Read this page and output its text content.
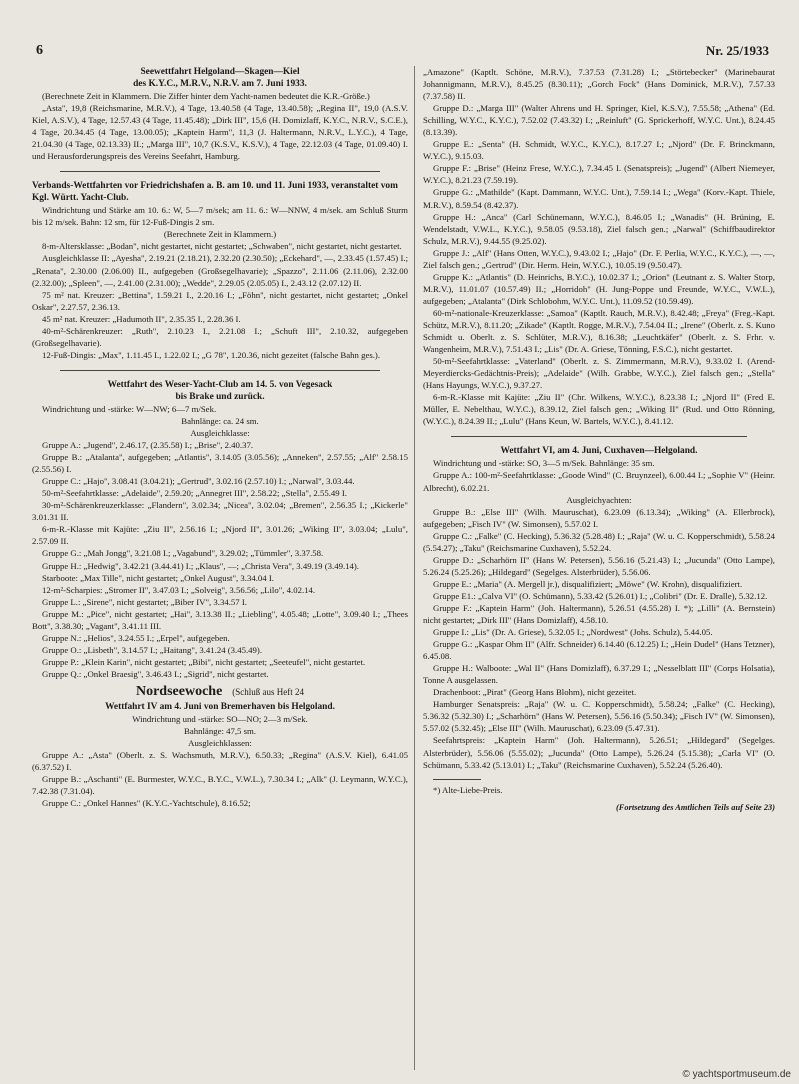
6	Nr. 25/1933
Seewettfahrt Helgoland—Skagen—Kiel
des K.Y.C., M.R.V., N.R.V. am 7. Juni 1933.

(Berechnete Zeit in Klammern. Die Ziffer hinter dem Yacht-namen bedeutet die K.R.-Größe.)

„Asta", 19,8 (Reichsmarine, M.R.V.), 4 Tage, 13.40.58 (4 Tage, 13.40.58); „Regina II", 19,0 (A.S.V. Kiel, A.S.V.), 4 Tage, 12.57.43 (4 Tage, 11.45.48); „Dirk III", 15,6 (H. Domizlaff, K.Y.C., N.R.V., S.C.E.), 4 Tage, 20.34.45 (4 Tage, 13.00.05); „Kaptein Harm", 11,3 (J. Haltermann, N.R.V., L.Y.C.), 4 Tage, 21.04.30 (4 Tage, 02.13.33) II.; „Marga III", 10,7 (K.S.V., K.S.V.), 4 Tage, 22.12.03 (4 Tage, 01.09.40) I. und Herausforderungspreis des Vereins Seefahrt, Hamburg.

Verbands-Wettfahrten vor Friedrichshafen a. B. am 10. und 11. Juni 1933, veranstaltet vom Kgl. Württ. Yacht-Club.

Windrichtung und Stärke am 10. 6.: W, 5—7 m/sek; am 11. 6.: W—NNW, 4 m/sek. am Schluß Sturm bis 12 m/sek. Bahn: 12 sm, für 12-Fuß-Dingis 2 sm.

(Berechnete Zeit in Klammern.)

8-m-Altersklasse: „Bodan", nicht gestartet, nicht gestartet; „Schwaben", nicht gestartet, nicht gestartet.

Ausgleichklasse II: „Ayesha", 2.19.21 (2.18.21), 2.32.20 (2.30.50); „Eckehard", —, 2.33.45 (1.57.45) I.; „Renata", 2.30.00 (2.06.00) II., aufgegeben (Großsegelhavarie); „Spazzo", 2.11.06 (2.11.06), 2.32.00 (2.32.00); „Spleen", —, 2.41.00 (2.31.00); „Wedde", 2.29.05 (2.05.05) I., 2.43.12 (2.07.12) II.

75 m² nat. Kreuzer: „Bettina", 1.59.21 I., 2.20.16 I.; „Föhn", nicht gestartet, nicht gestartet; „Onkel Oskar", 2.27.57, 2.36.13.

45 m² nat. Kreuzer: „Hadumoth II", 2.35.35 I., 2.28.36 I.

40-m²-Schärenkreuzer: „Ruth", 2.10.23 I., 2.21.08 I.; „Schuft III", 2.10.32, aufgegeben (Großsegelhavarie).

12-Fuß-Dingis: „Max", 1.11.45 I., 1.22.02 I.; „G 78", 1.20.36, nicht gezeitet (falsche Bahn ges.).

Wettfahrt des Weser-Yacht-Club am 14. 5. von Vegesack
bis Brake und zurück.

Windrichtung und -stärke: W—NW; 6—7 m/Sek.

Bahnlänge: ca. 24 sm.

Ausgleichklasse:

Gruppe A.: „Jugend", 2.46.17, (2.35.58) I.; „Brise", 2.40.37.

Gruppe B.: „Atalanta", aufgegeben; „Atlantis", 3.14.05 (3.05.56); „Anneken", 2.57.55; „Alf" 2.58.15 (2.55.56) I.

Gruppe C.: „Hajo", 3.08.41 (3.04.21); „Gertrud", 3.02.16 (2.57.10) I.; „Narwal", 3.03.44.

50-m²-Seefahrtklasse: „Adelaide", 2.59.20; „Annegret III", 2.58.22; „Stella", 2.55.49 I.

30-m²-Schärenkreuzerklasse: „Flandern", 3.02.34; „Nicea", 3.02.04; „Bremen", 2.56.35 I.; „Kickerle" 3.01.31 II.

6-m-R.-Klasse mit Kajüte: „Ziu II", 2.56.16 I.; „Njord II", 3.01.26; „Wiking II", 3.03.04; „Lulu", 2.57.09 II.

Gruppe G.: „Mah Jongg", 3.21.08 I.; „Vagabund", 3.29.02; „Tümmler", 3.37.58.

Gruppe H.: „Hedwig", 3.42.21 (3.44.41) I.; „Klaus", —; „Christa Vera", 3.49.19 (3.49.14).

Starboote: „Max Tille", nicht gestartet; „Onkel August", 3.34.04 I.

12-m²-Scharpies: „Stromer II", 3.47.03 I.; „Solveig", 3.56.56; „Lilo", 4.02.14.

Gruppe L.: „Sirene", nicht gestartet; „Biber IV", 3.34.57 I.

Gruppe M.: „Pice", nicht gestartet; „Hai", 3.13.38 II.; „Liebling", 4.05.48; „Lotte", 3.09.40 I.; „Thees Bott", 3.38.30; „Vagant", 3.41.11 III.

Gruppe N.: „Helios", 3.24.55 I.; „Erpel", aufgegeben.

Gruppe O.: „Lisbeth", 3.14.57 I.; „Haitang", 3.41.24 (3.45.49).

Gruppe P.: „Klein Karin", nicht gestartet; „Bibi", nicht gestartet; „Seeteufel", nicht gestartet.

Gruppe Q.: „Onkel Braesig", 3.46.43 I.; „Sigrid", nicht gestartet.

Nordseewoche (Schluß aus Heft 24
Wettfahrt IV am 4. Juni von Bremerhaven bis Helgoland.

Windrichtung und -stärke: SO—NO; 2—3 m/Sek.

Bahnlänge: 47,5 sm.

Ausgleichklassen:

Gruppe A.: „Asta" (Oberlt. z. S. Wachsmuth, M.R.V.), 6.50.33; „Regina" (A.S.V. Kiel), 6.41.05 (6.37.52) I.

Gruppe B.: „Aschanti" (E. Burmester, W.Y.C., B.Y.C., V.W.L.), 7.30.34 I.; „Alk" (J. Leymann, W.Y.C.), 7.42.38 (7.31.04).

Gruppe C.: „Onkel Hannes" (K.Y.C.-Yachtschule), 8.16.52;

„Amazone" (Kaptlt. Schöne, M.R.V.), 7.37.53 (7.31.28) I.; „Störtebecker" (Marinebaurat Johannigmann, M.R.V.), 8.45.25 (8.30.11); „Gorch Fock" (Hans Dominick, M.R.V.), 7.57.33 (7.37.58) II.

Gruppe D.: „Marga III" (Walter Ahrens und H. Springer, Kiel, K.S.V.), 7.55.58; „Athena" (Ed. Schilling, W.Y.C., K.Y.C.), 7.52.02 (7.43.32) I.; „Reinluft" (G. Sprickerhoff, W.Y.C. Unt.), 8.24.45 (8.13.39).

Gruppe E.: „Senta" (H. Schmidt, W.Y.C., K.Y.C.), 8.17.27 I.; „Njord" (Dr. F. Brinckmann, W.Y.C.), 9.15.03.

Gruppe F.: „Brise" (Heinz Frese, W.Y.C.), 7.34.45 I. (Senatspreis); „Jugend" (Albert Niemeyer, W.Y.C.), 8.21.23 (7.59.19).

Gruppe G.: „Mathilde" (Kapt. Dammann, W.Y.C. Unt.), 7.59.14 I.; „Wega" (Korv.-Kapt. Thiele, M.R.V.), 8.59.54 (8.42.37).

Gruppe H.: „Anca" (Carl Schünemann, W.Y.C.), 8.46.05 I.; „Wanadis" (H. Brüning, E. Wendelstadt, V.W.L., K.Y.C.), 9.58.05 (9.53.18), Ziel falsch gen.; „Narwal" (Schiffbaudirektor Schulz, M.R.V.), 9.44.55 (9.25.02).

Gruppe J.: „Alf" (Hans Otten, W.Y.C.), 9.43.02 I.; „Hajo" (Dr. F. Perlia, W.Y.C., K.Y.C.), —, —, Ziel falsch gen.; „Gertrud" (Dir. Herm. Hein, W.Y.C.), 10.05.19 (9.50.47).

Gruppe K.: „Atlantis" (D. Heinrichs, B.Y.C.), 10.02.37 I.; „Orion" (Leutnant z. S. Walter Storp, M.R.V.), 11.01.07 (10.57.49) II.; „Horridoh" (H. Jung-Poppe und Freunde, W.Y.C., V.W.L.), aufgegeben; „Atalanta" (Dirk Schlobohm, W.Y.C. Unt.), 11.09.52 (10.59.49).

60-m²-nationale-Kreuzerklasse: „Samoa" (Kaptlt. Rauch, M.R.V.), 8.42.48; „Freya" (Freg.-Kapt. Schütz, M.R.V.), 8.11.20; „Zikade" (Kaptlt. Rogge, M.R.V.), 7.54.04 II.; „Irene" (Oberlt. z. S. Kuno Schmidt u. Oberlt. z. S. Schlüter, M.R.V.), 8.16.38; „Leuchtkäfer" (Oberlt. z. S. Frhr. v. Wangenheim, M.R.V.), 7.51.43 I.; „Lis" (Dr. A. Griese, Tönning, F.S.C.), nicht gestartet.

50-m²-Seefahrtklasse: „Vaterland" (Oberlt. z. S. Zimmermann, M.R.V.), 9.33.02 I. (Arend-Meyerdiercks-Gedächtnis-Preis); „Adelaide" (Wilh. Grabbe, W.Y.C.), Ziel falsch gen.; „Stella" (Hans Hayungs, W.Y.C.), 9.37.27.

6-m-R.-Klasse mit Kajüte: „Ziu II" (Chr. Wilkens, W.Y.C.), 8.23.38 I.; „Njord II" (Fred E. Müller, E. Nebelthau, W.Y.C.), 8.39.12, Ziel falsch gen.; „Wiking II" (Rud. und Otto Rönning, (W.Y.C.), 8.24.39 II.; „Lulu" (Hans Keun, W. Bartels, W.Y.C.), 8.41.12.

Wettfahrt VI, am 4. Juni, Cuxhaven—Helgoland.

Windrichtung und -stärke: SO, 3—5 m/Sek. Bahnlänge: 35 sm.

Gruppe A.: 100-m²-Seefahrtklasse: „Goode Wind" (C. Bruynzeel), 6.00.44 I.; „Sophie V" (Heinr. Albrecht), 6.02.21.

Ausgleichyachten:

Gruppe B.: „Else III" (Wilh. Mauruschat), 6.23.09 (6.13.34); „Wiking" (A. Ellerbrock), aufgegeben; „Fisch IV" (W. Simonsen), 5.57.02 I.

Gruppe C.: „Falke" (C. Hecking), 5.36.32 (5.28.48) I.; „Raja" (W. u. C. Kopperschmidt), 5.58.24 (5.54.27); „Taku" (Reichsmarine Cuxhaven), 5.52.24.

Gruppe D.: „Scharhörn II" (Hans W. Petersen), 5.56.16 (5.21.43) I.; „Jucunda" (Otto Lampe), 5.26.24 (5.25.26); „Hildegard" (Segelges. Alsterbrüder), 5.56.06.

Gruppe E.: „Maria" (A. Mergell jr.), disqualifiziert; „Möwe" (W. Krohn), disqualifiziert.

Gruppe E1.: „Calva VI" (O. Schümann), 5.33.42 (5.26.01) I.; „Colibri" (Dr. E. Dralle), 5.32.12.

Gruppe F.: „Kaptein Harm" (Joh. Haltermann), 5.26.51 (4.55.28) I. *); „Lilli" (A. Bernstein) nicht gestartet; „Dirk III" (Hans Domizlaff), 4.58.10.

Gruppe I.: „Lis" (Dr. A. Griese), 5.32.05 I.; „Nordwest" (Johs. Schulz), 5.44.05.

Gruppe G.: „Kaspar Ohm II" (Alfr. Schneider) 6.14.40 (6.12.25) I.; „Hein Dudel" (Hans Tetzner), 6.45.08.

Gruppe H.: Walboote: „Wal II" (Hans Domizlaff), 6.37.29 I.; „Nesselblatt III" (Corps Holsatia), Tonne A ausgelassen.

Drachenboot: „Pirat" (Georg Hans Blohm), nicht gezeitet.

Hamburger Senatspreis: „Raja" (W. u. C. Kopperschmidt), 5.58.24; „Falke" (C. Hecking), 5.36.32 (5.32.30) I.; „Scharhörn" (Hans W. Petersen), 5.56.16 (5.50.34); „Fisch IV" (W. Simonsen), 5.57.02 (5.32.45); „Else III" (Wilh. Mauruschat), 6.23.09 (5.47.31).

Seefahrtspreis: „Kaptein Harm" (Joh. Haltermann), 5.26.51; „Hildegard" (Segelges. Alsterbrüder), 5.56.06 (5.55.02); „Jucunda" (Otto Lampe), 5.26.24 (5.15.38); „Carla VI" (O. Schümann, 5.33.42 (5.13.01) I.; „Taku" (Reichsmarine Cuxhaven), 5.52.24 (5.26.40).

*) Alte-Liebe-Preis.

(Fortsetzung des Amtlichen Teils auf Seite 23)

© yachtsportmuseum.de
